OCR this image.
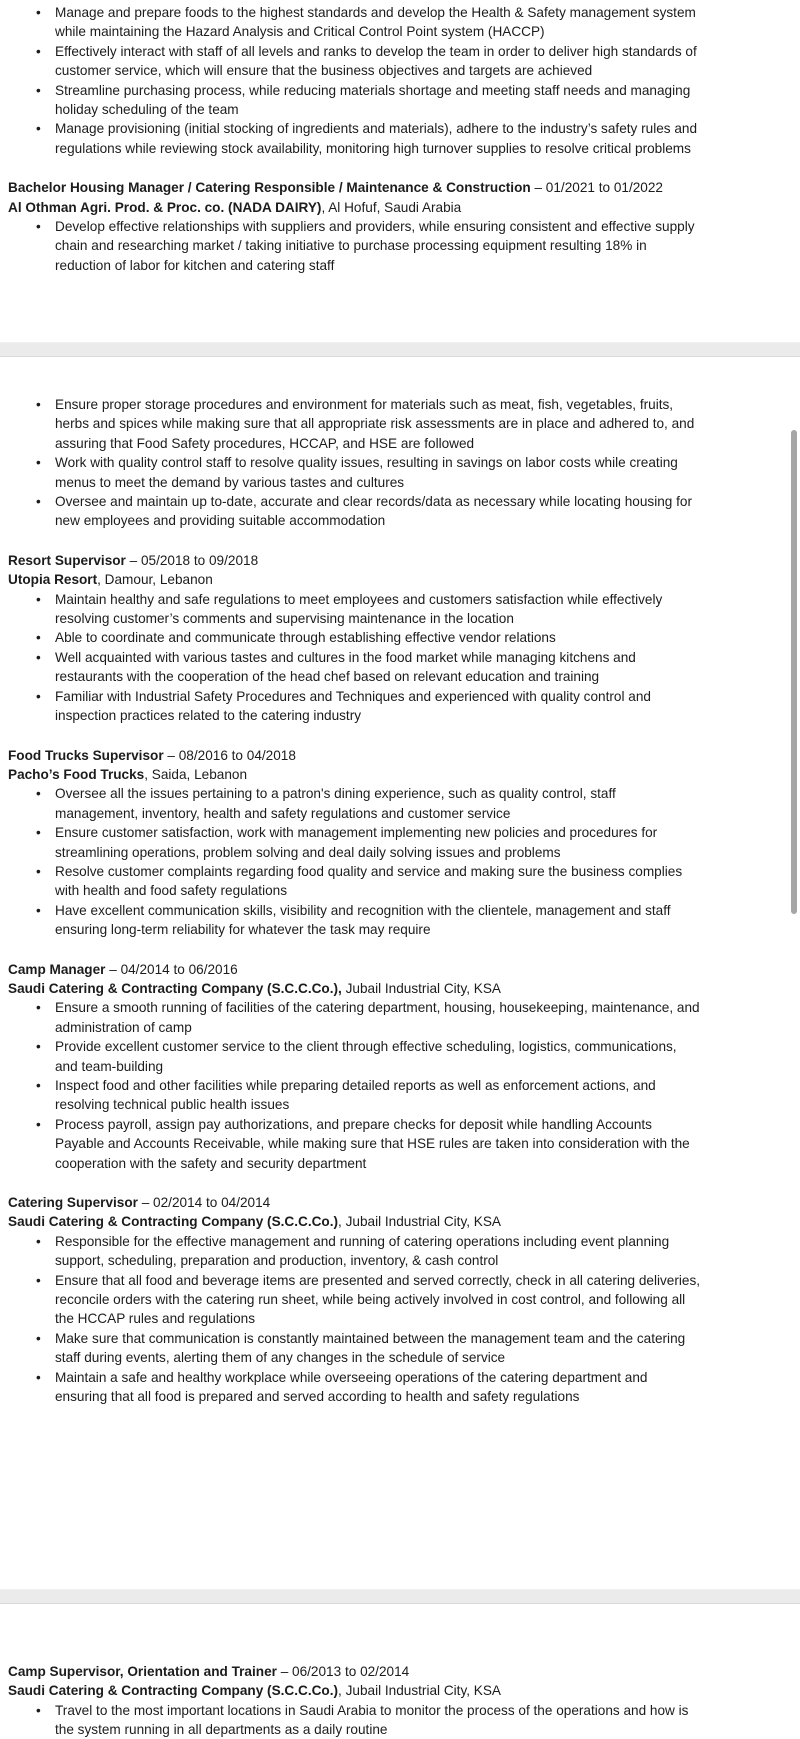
• Manage and prepare foods to the highest standards and develop the Health & Safety management system while maintaining the Hazard Analysis and Critical Control Point system (HACCP)
• Effectively interact with staff of all levels and ranks to develop the team in order to deliver high standards of customer service, which will ensure that the business objectives and targets are achieved
• Streamline purchasing process, while reducing materials shortage and meeting staff needs and managing holiday scheduling of the team
• Manage provisioning (initial stocking of ingredients and materials), adhere to the industry’s safety rules and regulations while reviewing stock availability, monitoring high turnover supplies to resolve critical problems
Bachelor Housing Manager / Catering Responsible / Maintenance & Construction – 01/2021 to 01/2022
Al Othman Agri. Prod. & Proc. co. (NADA DAIRY), Al Hofuf, Saudi Arabia
• Develop effective relationships with suppliers and providers, while ensuring consistent and effective supply chain and researching market / taking initiative to purchase processing equipment resulting 18% in reduction of labor for kitchen and catering staff
• Ensure proper storage procedures and environment for materials such as meat, fish, vegetables, fruits, herbs and spices while making sure that all appropriate risk assessments are in place and adhered to, and assuring that Food Safety procedures, HCCAP, and HSE are followed
• Work with quality control staff to resolve quality issues, resulting in savings on labor costs while creating menus to meet the demand by various tastes and cultures
• Oversee and maintain up to-date, accurate and clear records/data as necessary while locating housing for new employees and providing suitable accommodation
Resort Supervisor – 05/2018 to 09/2018
Utopia Resort, Damour, Lebanon
• Maintain healthy and safe regulations to meet employees and customers satisfaction while effectively resolving customer’s comments and supervising maintenance in the location
• Able to coordinate and communicate through establishing effective vendor relations
• Well acquainted with various tastes and cultures in the food market while managing kitchens and restaurants with the cooperation of the head chef based on relevant education and training
• Familiar with Industrial Safety Procedures and Techniques and experienced with quality control and inspection practices related to the catering industry
Food Trucks Supervisor – 08/2016 to 04/2018
Pacho’s Food Trucks, Saida, Lebanon
• Oversee all the issues pertaining to a patron's dining experience, such as quality control, staff management, inventory, health and safety regulations and customer service
• Ensure customer satisfaction, work with management implementing new policies and procedures for streamlining operations, problem solving and deal daily solving issues and problems
• Resolve customer complaints regarding food quality and service and making sure the business complies with health and food safety regulations
• Have excellent communication skills, visibility and recognition with the clientele, management and staff ensuring long-term reliability for whatever the task may require
Camp Manager – 04/2014 to 06/2016
Saudi Catering & Contracting Company (S.C.C.Co.), Jubail Industrial City, KSA
• Ensure a smooth running of facilities of the catering department, housing, housekeeping, maintenance, and administration of camp
• Provide excellent customer service to the client through effective scheduling, logistics, communications, and team-building
• Inspect food and other facilities while preparing detailed reports as well as enforcement actions, and resolving technical public health issues
• Process payroll, assign pay authorizations, and prepare checks for deposit while handling Accounts Payable and Accounts Receivable, while making sure that HSE rules are taken into consideration with the cooperation with the safety and security department
Catering Supervisor – 02/2014 to 04/2014
Saudi Catering & Contracting Company (S.C.C.Co.), Jubail Industrial City, KSA
• Responsible for the effective management and running of catering operations including event planning support, scheduling, preparation and production, inventory, & cash control
• Ensure that all food and beverage items are presented and served correctly, check in all catering deliveries, reconcile orders with the catering run sheet, while being actively involved in cost control, and following all the HCCAP rules and regulations
• Make sure that communication is constantly maintained between the management team and the catering staff during events, alerting them of any changes in the schedule of service
• Maintain a safe and healthy workplace while overseeing operations of the catering department and ensuring that all food is prepared and served according to health and safety regulations
Camp Supervisor, Orientation and Trainer – 06/2013 to 02/2014
Saudi Catering & Contracting Company (S.C.C.Co.), Jubail Industrial City, KSA
• Travel to the most important locations in Saudi Arabia to monitor the process of the operations and how is the system running in all departments as a daily routine
